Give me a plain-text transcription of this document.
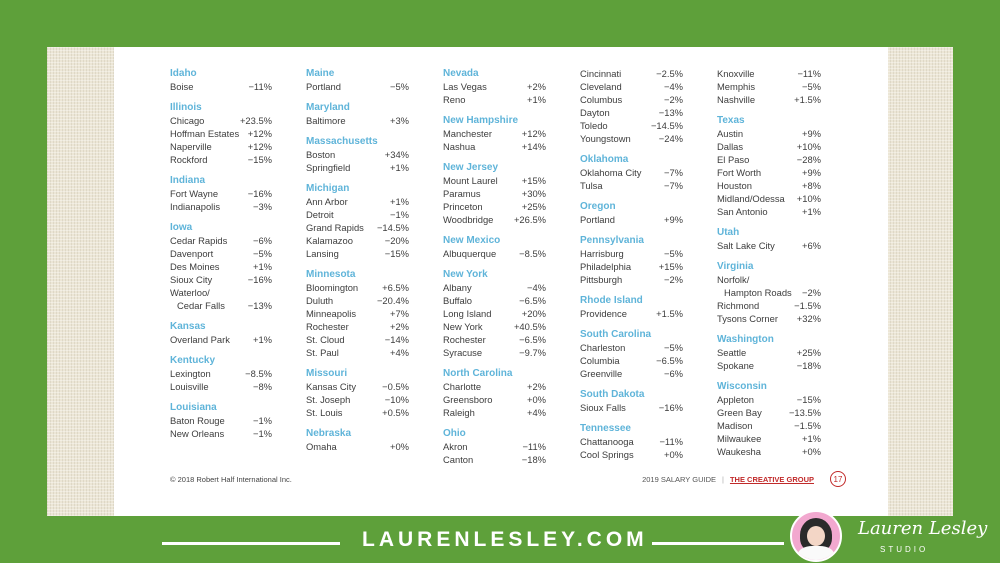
Idaho
Boise	−11%
Illinois
Chicago	+23.5%
Hoffman Estates +12%
Naperville	+12%
Rockford	−15%
Indiana
Fort Wayne	−16%
Indianapolis	−3%
Iowa
Cedar Rapids	−6%
Davenport	−5%
Des Moines	+1%
Sioux City	−16%
Waterloo/
Cedar Falls	−13%
Kansas
Overland Park	+1%
Kentucky
Lexington	−8.5%
Louisville	−8%
Louisiana
Baton Rouge	−1%
New Orleans	−1%
Maine
Portland	−5%
Maryland
Baltimore	+3%
Massachusetts
Boston	+34%
Springfield	+1%
Michigan
Ann Arbor	+1%
Detroit	−1%
Grand Rapids	−14.5%
Kalamazoo	−20%
Lansing	−15%
Minnesota
Bloomington	+6.5%
Duluth	−20.4%
Minneapolis	+7%
Rochester	+2%
St. Cloud	−14%
St. Paul	+4%
Missouri
Kansas City	−0.5%
St. Joseph	−10%
St. Louis	+0.5%
Nebraska
Omaha	+0%
Nevada
Las Vegas	+2%
Reno	+1%
New Hampshire
Manchester	+12%
Nashua	+14%
New Jersey
Mount Laurel	+15%
Paramus	+30%
Princeton	+25%
Woodbridge	+26.5%
New Mexico
Albuquerque	−8.5%
New York
Albany	−4%
Buffalo	−6.5%
Long Island	+20%
New York	+40.5%
Rochester	−6.5%
Syracuse	−9.7%
North Carolina
Charlotte	+2%
Greensboro	+0%
Raleigh	+4%
Ohio
Akron	−11%
Canton	−18%
Cincinnati	−2.5%
Cleveland	−4%
Columbus	−2%
Dayton	−13%
Toledo	−14.5%
Youngstown	−24%
Oklahoma
Oklahoma City	−7%
Tulsa	−7%
Oregon
Portland	+9%
Pennsylvania
Harrisburg	−5%
Philadelphia	+15%
Pittsburgh	−2%
Rhode Island
Providence	+1.5%
South Carolina
Charleston	−5%
Columbia	−6.5%
Greenville	−6%
South Dakota
Sioux Falls	−16%
Tennessee
Chattanooga	−11%
Cool Springs	+0%
Knoxville	−11%
Memphis	−5%
Nashville	+1.5%
Texas
Austin	+9%
Dallas	+10%
El Paso	−28%
Fort Worth	+9%
Houston	+8%
Midland/Odessa	+10%
San Antonio	+1%
Utah
Salt Lake City	+6%
Virginia
Norfolk/
Hampton Roads	−2%
Richmond	−1.5%
Tysons Corner	+32%
Washington
Seattle	+25%
Spokane	−18%
Wisconsin
Appleton	−15%
Green Bay	−13.5%
Madison	−1.5%
Milwaukee	+1%
Waukesha	+0%
© 2018 Robert Half International Inc.	2019 SALARY GUIDE | THE CREATIVE GROUP	17
LAURENLESLEY.COM	Lauren Lesley
STUDIO
